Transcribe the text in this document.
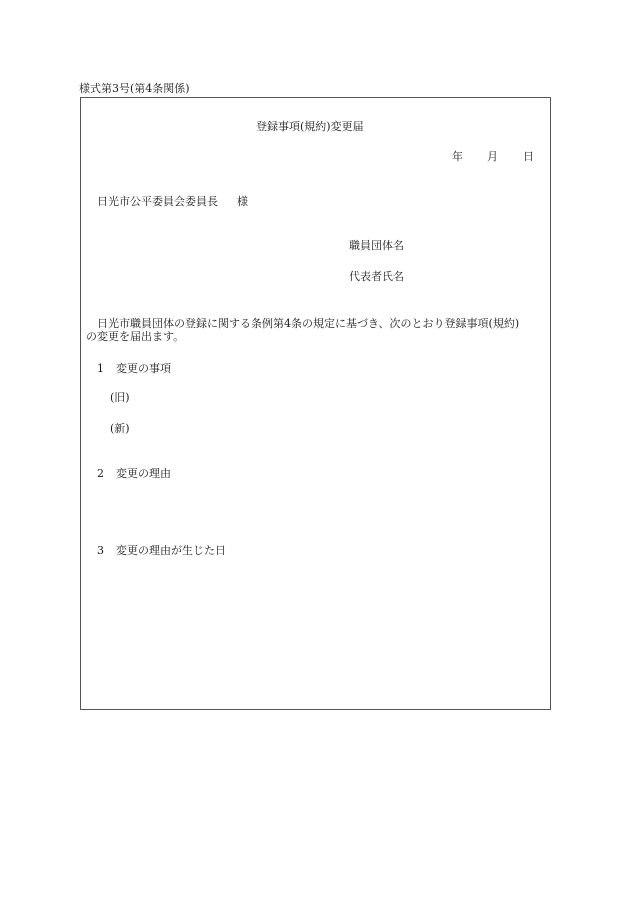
様式第3号(第4条関係)
登録事項(規約)変更届
年 月 日
日光市公平委員会委員長 様
職員団体名
代表者氏名
日光市職員団体の登録に関する条例第4条の規定に基づき、次のとおり登録事項(規約)
の変更を届出ます。
1 変更の事項
(旧)
(新)
2 変更の理由
3 変更の理由が生じた日
